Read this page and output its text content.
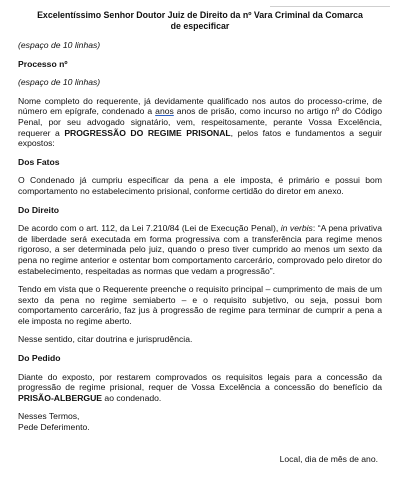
Excelentíssimo Senhor Doutor Juiz de Direito da nº Vara Criminal da Comarca
de especificar

(espaço de 10 linhas)

Processo nº

(espaço de 10 linhas)

Nome completo do requerente, já devidamente qualificado nos autos do processo-crime, de número em epígrafe, condenado a anos anos de prisão, como incurso no artigo nº do Código Penal, por seu advogado signatário, vem, respeitosamente, perante Vossa Excelência, requerer a PROGRESSÃO DO REGIME PRISONAL, pelos fatos e fundamentos a seguir expostos:

Dos Fatos

O Condenado já cumpriu especificar da pena a ele imposta, é primário e possui bom comportamento no estabelecimento prisional, conforme certidão do diretor em anexo.

Do Direito

De acordo com o art. 112, da Lei 7.210/84 (Lei de Execução Penal), in verbis: “A pena privativa de liberdade será executada em forma progressiva com a transferência para regime menos rigoroso, a ser determinada pelo juiz, quando o preso tiver cumprido ao menos um sexto da pena no regime anterior e ostentar bom comportamento carcerário, comprovado pelo diretor do estabelecimento, respeitadas as normas que vedam a progressão”.

Tendo em vista que o Requerente preenche o requisito principal – cumprimento de mais de um sexto da pena no regime semiaberto – e o requisito subjetivo, ou seja, possui bom comportamento carcerário, faz jus à progressão de regime para terminar de cumprir a pena a ele imposta no regime aberto.

Nesse sentido, citar doutrina e jurisprudência.

Do Pedido

Diante do exposto, por restarem comprovados os requisitos legais para a concessão da progressão de regime prisional, requer de Vossa Excelência a concessão do benefício da PRISÃO-ALBERGUE ao condenado.

Nesses Termos,

Pede Deferimento.

Local, dia de mês de ano.
